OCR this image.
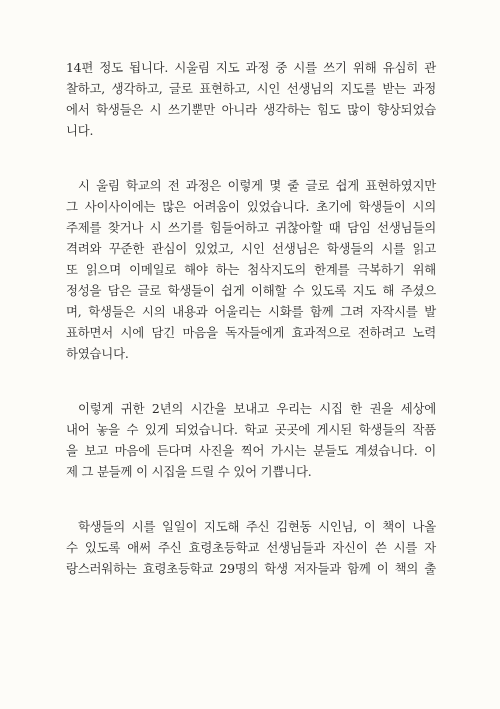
14편 정도 됩니다. 시울림 지도 과정 중 시를 쓰기 위해 유심히 관
찰하고, 생각하고, 글로 표현하고, 시인 선생님의 지도를 받는 과정
에서 학생들은 시 쓰기뿐만 아니라 생각하는 힘도 많이 향상되었습
니다.
시 울림 학교의 전 과정은 이렇게 몇 줄 글로 쉽게 표현하였지만
그 사이사이에는 많은 어려움이 있었습니다. 초기에 학생들이 시의
주제를 찾거나 시 쓰기를 힘들어하고 귀찮아할 때 담임 선생님들의
격려와 꾸준한 관심이 있었고, 시인 선생님은 학생들의 시를 읽고
또 읽으며 이메일로 해야 하는 첨삭지도의 한계를 극복하기 위해
정성을 담은 글로 학생들이 쉽게 이해할 수 있도록 지도 해 주셨으
며, 학생들은 시의 내용과 어울리는 시화를 함께 그려 자작시를 발
표하면서 시에 담긴 마음을 독자들에게 효과적으로 전하려고 노력
하였습니다.
이렇게 귀한 2년의 시간을 보내고 우리는 시집 한 권을 세상에
내어 놓을 수 있게 되었습니다. 학교 곳곳에 게시된 학생들의 작품
을 보고 마음에 든다며 사진을 찍어 가시는 분들도 계셨습니다. 이
제 그 분들께 이 시집을 드릴 수 있어 기쁩니다.
학생들의 시를 일일이 지도해 주신 김현동 시인님, 이 책이 나올
수 있도록 애써 주신 효령초등학교 선생님들과 자신이 쓴 시를 자
랑스러워하는 효령초등학교 29명의 학생 저자들과 함께 이 책의 출
